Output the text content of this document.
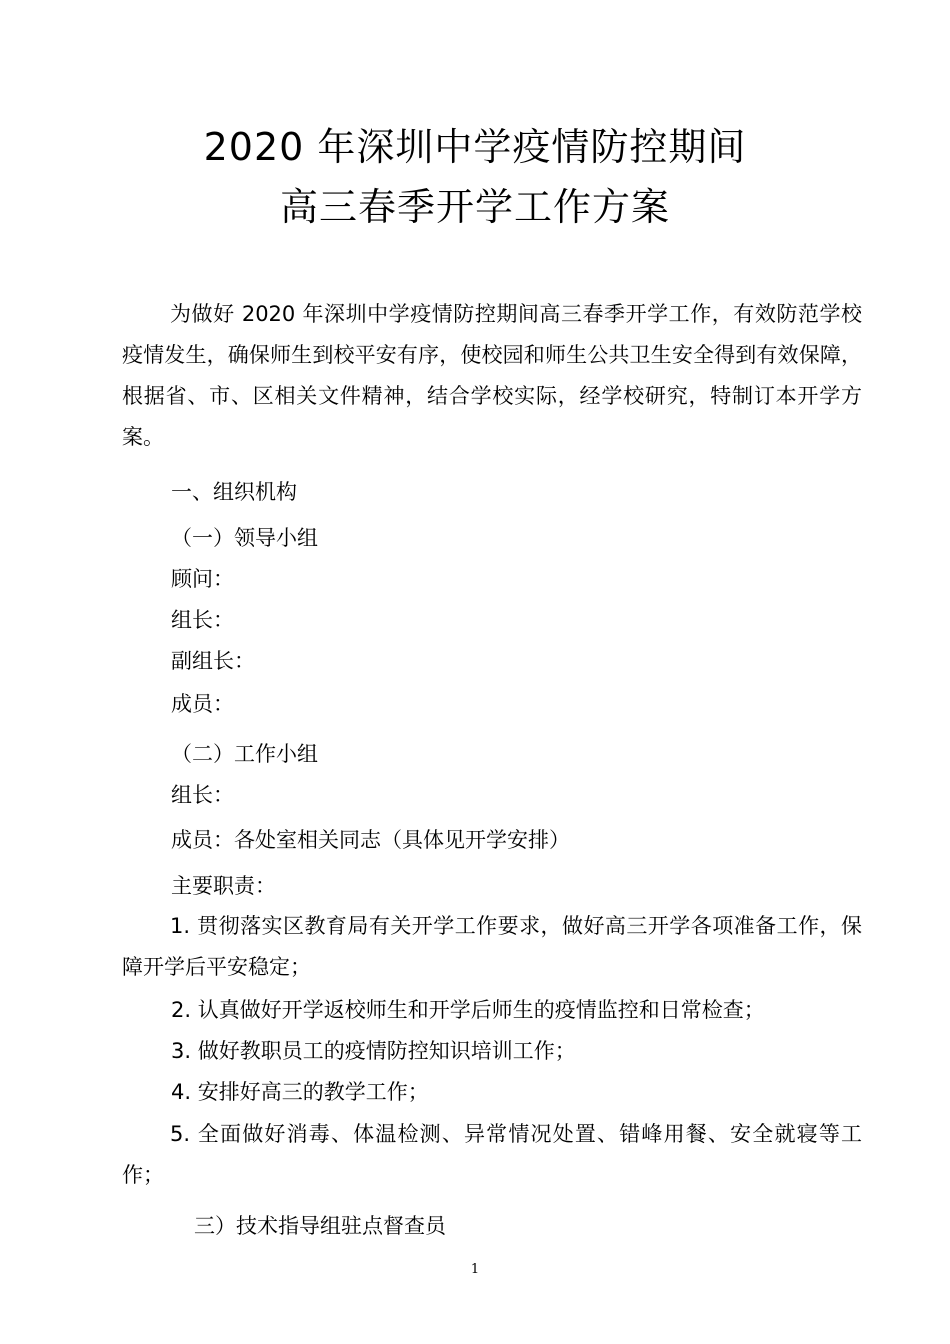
2020 年深圳中学疫情防控期间
高三春季开学工作方案
为做好 2020 年深圳中学疫情防控期间高三春季开学工作，有效防范学校疫情发生，确保师生到校平安有序，使校园和师生公共卫生安全得到有效保障，根据省、市、区相关文件精神，结合学校实际，经学校研究，特制订本开学方案。
一、组织机构
（一）领导小组
顾问：
组长：
副组长：
成员：
（二）工作小组
组长：
成员：各处室相关同志（具体见开学安排）
主要职责：
1. 贯彻落实区教育局有关开学工作要求，做好高三开学各项准备工作，保障开学后平安稳定；
2. 认真做好开学返校师生和开学后师生的疫情监控和日常检查；
3. 做好教职员工的疫情防控知识培训工作；
4. 安排好高三的教学工作；
5. 全面做好消毒、体温检测、异常情况处置、错峰用餐、安全就寝等工作；
三）技术指导组驻点督查员
1
